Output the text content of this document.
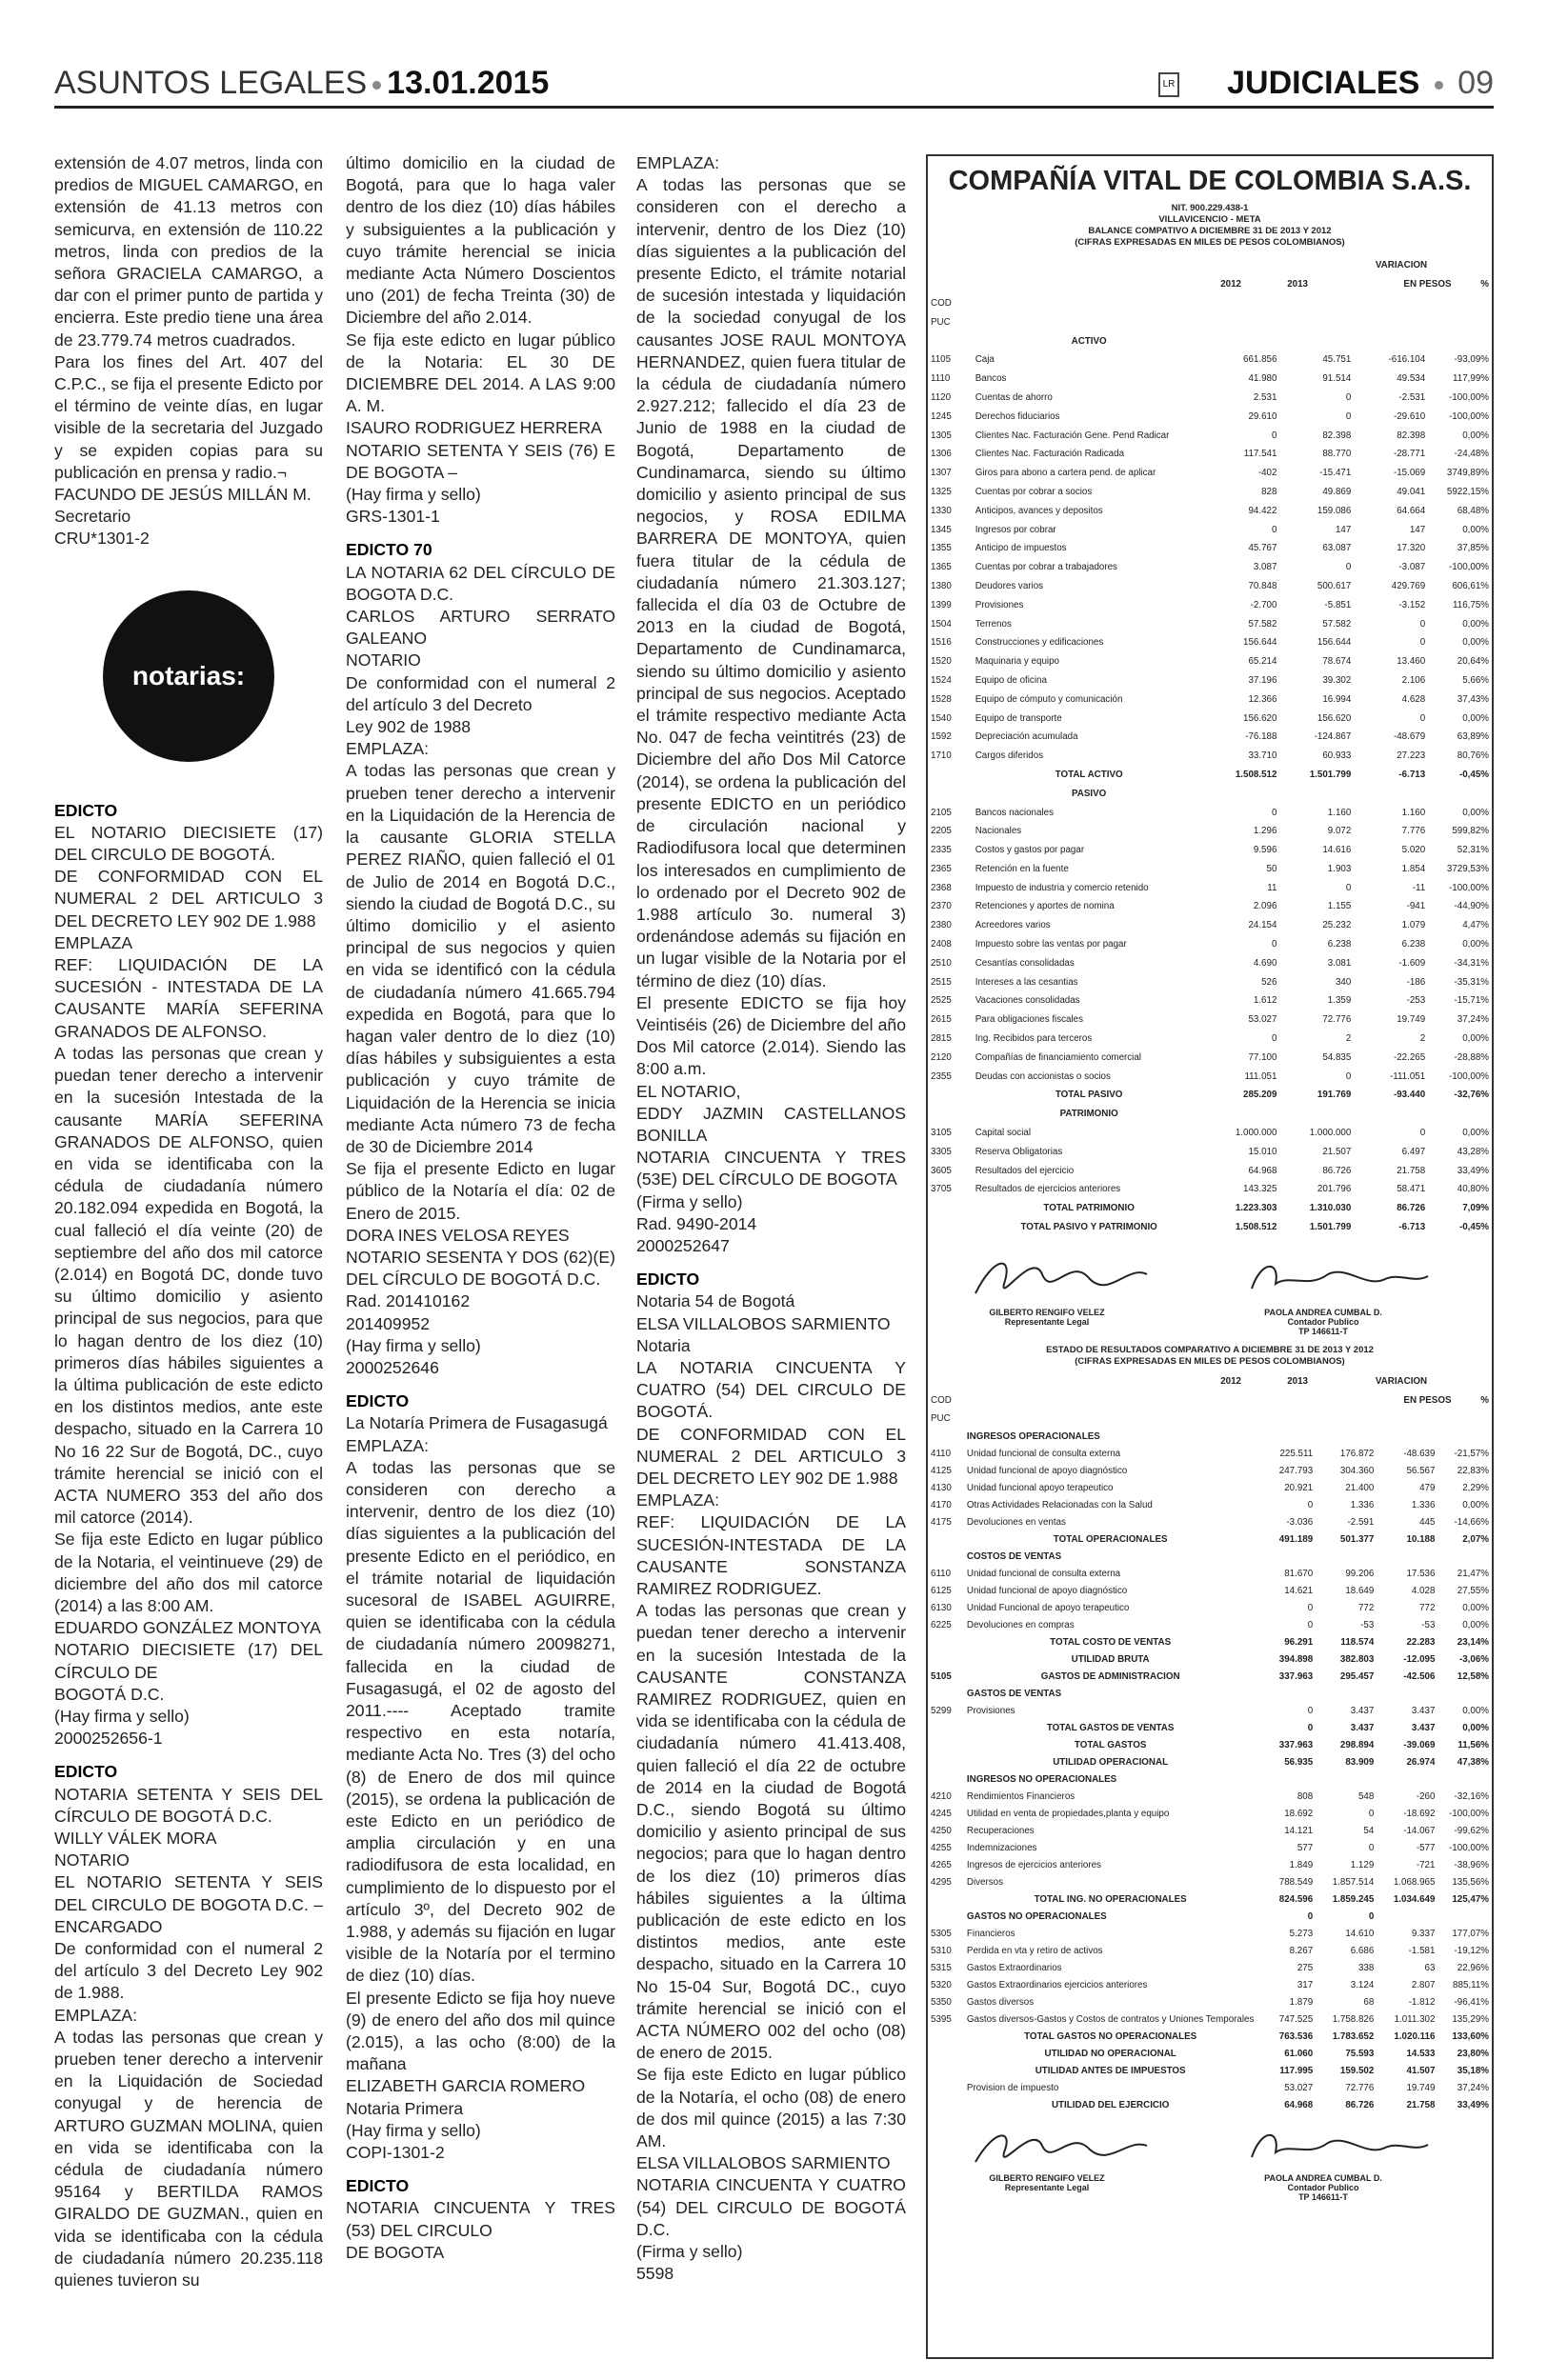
ASUNTOS LEGALES 13.01.2015	LR JUDICIALES 09

extensión de 4.07 metros, linda con predios de MIGUEL CAMARGO, en extensión de 41.13 metros con semicurva, en extensión de 110.22 metros, linda con predios de la señora GRACIELA CAMARGO, a dar con el primer punto de partida y encierra. Este predio tiene una área de 23.779.74 metros cuadrados.

Para los fines del Art. 407 del C.P.C., se fija el presente Edicto por el término de veinte días, en lugar visible de la secretaria del Juzgado y se expiden copias para su publicación en prensa y radio.¬

FACUNDO DE JESÚS MILLÁN M.

Secretario

CRU*1301-2

notarias:

EDICTO

EL NOTARIO DIECISIETE (17) DEL CIRCULO DE BOGOTÁ.

DE CONFORMIDAD CON EL NUMERAL 2 DEL ARTICULO 3 DEL DECRETO LEY 902 DE 1.988

EMPLAZA

REF: LIQUIDACIÓN DE LA SUCESIÓN - INTESTADA DE LA CAUSANTE MARÍA SEFERINA GRANADOS DE ALFONSO.

A todas las personas que crean y puedan tener derecho a intervenir en la sucesión Intestada de la causante MARÍA SEFERINA GRANADOS DE ALFONSO, quien en vida se identificaba con la cédula de ciudadanía número 20.182.094 expedida en Bogotá, la cual falleció el día veinte (20) de septiembre del año dos mil catorce (2.014) en Bogotá DC, donde tuvo su último domicilio y asiento principal de sus negocios, para que lo hagan dentro de los diez (10) primeros días hábiles siguientes a la última publicación de este edicto en los distintos medios, ante este despacho, situado en la Carrera 10 No 16 22 Sur de Bogotá, DC., cuyo trámite herencial se inició con el ACTA NUMERO 353 del año dos mil catorce (2014).

Se fija este Edicto en lugar público de la Notaria, el veintinueve (29) de diciembre del año dos mil catorce (2014) a las 8:00 AM.

EDUARDO GONZÁLEZ MONTOYA

NOTARIO DIECISIETE (17) DEL CÍRCULO DE

BOGOTÁ D.C.

(Hay firma y sello)

2000252656-1

EDICTO

NOTARIA SETENTA Y SEIS DEL CÍRCULO DE BOGOTÁ D.C.

WILLY VÁLEK MORA

NOTARIO

EL NOTARIO SETENTA Y SEIS DEL CIRCULO DE BOGOTA D.C. – ENCARGADO

De conformidad con el numeral 2 del artículo 3 del Decreto Ley 902 de 1.988.

EMPLAZA:

A todas las personas que crean y prueben tener derecho a intervenir en la Liquidación de Sociedad conyugal y de herencia de ARTURO GUZMAN MOLINA, quien en vida se identificaba con la cédula de ciudadanía número 95164 y BERTILDA RAMOS GIRALDO DE GUZMAN., quien en vida se identificaba con la cédula de ciudadanía número 20.235.118 quienes tuvieron su

último domicilio en la ciudad de Bogotá, para que lo haga valer dentro de los diez (10) días hábiles y subsiguientes a la publicación y cuyo trámite herencial se inicia mediante Acta Número Doscientos uno (201) de fecha Treinta (30) de Diciembre del año 2.014.

Se fija este edicto en lugar público de la Notaria: EL 30 DE DICIEMBRE DEL 2014. A LAS 9:00 A. M.

ISAURO RODRIGUEZ HERRERA

NOTARIO SETENTA Y SEIS (76) E DE BOGOTA –

(Hay firma y sello)

GRS-1301-1

EDICTO 70

LA NOTARIA 62 DEL CÍRCULO DE BOGOTA D.C.

CARLOS ARTURO SERRATO GALEANO

NOTARIO

De conformidad con el numeral 2 del artículo 3 del Decreto

Ley 902 de 1988

EMPLAZA:

A todas las personas que crean y prueben tener derecho a intervenir en la Liquidación de la Herencia de la causante GLORIA STELLA PEREZ RIAÑO, quien falleció el 01 de Julio de 2014 en Bogotá D.C., siendo la ciudad de Bogotá D.C., su último domicilio y el asiento principal de sus negocios y quien en vida se identificó con la cédula de ciudadanía número 41.665.794 expedida en Bogotá, para que lo hagan valer dentro de lo diez (10) días hábiles y subsiguientes a esta publicación y cuyo trámite de Liquidación de la Herencia se inicia mediante Acta número 73 de fecha de 30 de Diciembre 2014

Se fija el presente Edicto en lugar público de la Notaría el día: 02 de Enero de 2015.

DORA INES VELOSA REYES

NOTARIO SESENTA Y DOS (62)(E) DEL CÍRCULO DE BOGOTÁ D.C.

Rad. 201410162

201409952

(Hay firma y sello)

2000252646

EDICTO

La Notaría Primera de Fusagasugá

EMPLAZA:

A todas las personas que se consideren con derecho a intervenir, dentro de los diez (10) días siguientes a la publicación del presente Edicto en el periódico, en el trámite notarial de liquidación sucesoral de ISABEL AGUIRRE, quien se identificaba con la cédula de ciudadanía número 20098271, fallecida en la ciudad de Fusagasugá, el 02 de agosto del 2011.---- Aceptado tramite respectivo en esta notaría, mediante Acta No. Tres (3) del ocho (8) de Enero de dos mil quince (2015), se ordena la publicación de este Edicto en un periódico de amplia circulación y en una radiodifusora de esta localidad, en cumplimiento de lo dispuesto por el artículo 3º, del Decreto 902 de 1.988, y además su fijación en lugar visible de la Notaría por el termino de diez (10) días.

El presente Edicto se fija hoy nueve (9) de enero del año dos mil quince (2.015), a las ocho (8:00) de la mañana

ELIZABETH GARCIA ROMERO

Notaria Primera

(Hay firma y sello)

COPI-1301-2

EDICTO

NOTARIA CINCUENTA Y TRES (53) DEL CIRCULO

DE BOGOTA

EMPLAZA:

A todas las personas que se consideren con el derecho a intervenir, dentro de los Diez (10) días siguientes a la publicación del presente Edicto, el trámite notarial de sucesión intestada y liquidación de la sociedad conyugal de los causantes JOSE RAUL MONTOYA HERNANDEZ, quien fuera titular de la cédula de ciudadanía número 2.927.212; fallecido el día 23 de Junio de 1988 en la ciudad de Bogotá, Departamento de Cundinamarca, siendo su último domicilio y asiento principal de sus negocios, y ROSA EDILMA BARRERA DE MONTOYA, quien fuera titular de la cédula de ciudadanía número 21.303.127; fallecida el día 03 de Octubre de 2013 en la ciudad de Bogotá, Departamento de Cundinamarca, siendo su último domicilio y asiento principal de sus negocios. Aceptado el trámite respectivo mediante Acta No. 047 de fecha veintitrés (23) de Diciembre del año Dos Mil Catorce (2014), se ordena la publicación del presente EDICTO en un periódico de circulación nacional y Radiodifusora local que determinen los interesados en cumplimiento de lo ordenado por el Decreto 902 de 1.988 artículo 3o. numeral 3) ordenándose además su fijación en un lugar visible de la Notaria por el término de diez (10) días.

El presente EDICTO se fija hoy Veintiséis (26) de Diciembre del año Dos Mil catorce (2.014). Siendo las 8:00 a.m.

EL NOTARIO,

EDDY JAZMIN CASTELLANOS BONILLA

NOTARIA CINCUENTA Y TRES (53E) DEL CÍRCULO DE BOGOTA

(Firma y sello)

Rad. 9490-2014

2000252647

EDICTO

Notaria 54 de Bogotá

ELSA VILLALOBOS SARMIENTO

Notaria

LA NOTARIA CINCUENTA Y CUATRO (54) DEL CIRCULO DE BOGOTÁ.

DE CONFORMIDAD CON EL NUMERAL 2 DEL ARTICULO 3 DEL DECRETO LEY 902 DE 1.988

EMPLAZA:

REF: LIQUIDACIÓN DE LA SUCESIÓN-INTESTADA DE LA CAUSANTE SONSTANZA RAMIREZ RODRIGUEZ.

A todas las personas que crean y puedan tener derecho a intervenir en la sucesión Intestada de la CAUSANTE CONSTANZA RAMIREZ RODRIGUEZ, quien en vida se identificaba con la cédula de ciudadanía número 41.413.408, quien falleció el día 22 de octubre de 2014 en la ciudad de Bogotá D.C., siendo Bogotá su último domicilio y asiento principal de sus negocios; para que lo hagan dentro de los diez (10) primeros días hábiles siguientes a la última publicación de este edicto en los distintos medios, ante este despacho, situado en la Carrera 10 No 15-04 Sur, Bogotá DC., cuyo trámite herencial se inició con el ACTA NÚMERO 002 del ocho (08) de enero de 2015.

Se fija este Edicto en lugar público de la Notaría, el ocho (08) de enero de dos mil quince (2015) a las 7:30 AM.

ELSA VILLALOBOS SARMIENTO

NOTARIA CINCUENTA Y CUATRO (54) DEL CIRCULO DE BOGOTÁ D.C.

(Firma y sello)

5598

COMPAÑÍA VITAL DE COLOMBIA S.A.S.
NIT. 900.229.438-1
VILLAVICENCIO - META
BALANCE COMPATIVO A DICIEMBRE 31 DE 2013 Y 2012
(CIFRAS EXPRESADAS EN MILES DE PESOS COLOMBIANOS)
				VARIACION	
		2012	2013	EN PESOS	%
COD					
PUC					
	ACTIVO				
1105	Caja	661.856	45.751	-616.104	-93,09%
1110	Bancos	41.980	91.514	49.534	117,99%
1120	Cuentas de ahorro	2.531	0	-2.531	-100,00%
1245	Derechos fiduciarios	29.610	0	-29.610	-100,00%
1305	Clientes Nac. Facturación Gene. Pend Radicar	0	82.398	82.398	0,00%
1306	Clientes Nac. Facturación Radicada	117.541	88.770	-28.771	-24,48%
1307	Giros para abono a cartera pend. de aplicar	-402	-15.471	-15.069	3749,89%
1325	Cuentas por cobrar a socios	828	49.869	49.041	5922,15%
1330	Anticipos, avances y depositos	94.422	159.086	64.664	68,48%
1345	Ingresos por cobrar	0	147	147	0,00%
1355	Anticipo de impuestos	45.767	63.087	17.320	37,85%
1365	Cuentas por cobrar a trabajadores	3.087	0	-3.087	-100,00%
1380	Deudores varios	70.848	500.617	429.769	606,61%
1399	Provisiones	-2.700	-5.851	-3.152	116,75%
1504	Terrenos	57.582	57.582	0	0,00%
1516	Construcciones y edificaciones	156.644	156.644	0	0,00%
1520	Maquinaria y equipo	65.214	78.674	13.460	20,64%
1524	Equipo de oficina	37.196	39.302	2.106	5,66%
1528	Equipo de cómputo y comunicación	12.366	16.994	4.628	37,43%
1540	Equipo de transporte	156.620	156.620	0	0,00%
1592	Depreciación acumulada	-76.188	-124.867	-48.679	63,89%
1710	Cargos diferidos	33.710	60.933	27.223	80,76%
	TOTAL ACTIVO	1.508.512	1.501.799	-6.713	-0,45%
	PASIVO				
2105	Bancos nacionales	0	1.160	1.160	0,00%
2205	Nacionales	1.296	9.072	7.776	599,82%
2335	Costos y gastos por pagar	9.596	14.616	5.020	52,31%
2365	Retención en la fuente	50	1.903	1.854	3729,53%
2368	Impuesto de industria y comercio retenido	11	0	-11	-100,00%
2370	Retenciones y aportes de nomina	2.096	1.155	-941	-44,90%
2380	Acreedores varios	24.154	25.232	1.079	4,47%
2408	Impuesto sobre las ventas por pagar	0	6.238	6.238	0,00%
2510	Cesantías consolidadas	4.690	3.081	-1.609	-34,31%
2515	Intereses a las cesantias	526	340	-186	-35,31%
2525	Vacaciones consolidadas	1.612	1.359	-253	-15,71%
2615	Para obligaciones fiscales	53.027	72.776	19.749	37,24%
2815	Ing. Recibidos para terceros	0	2	2	0,00%
2120	Compañías de financiamiento comercial	77.100	54.835	-22.265	-28,88%
2355	Deudas con accionistas o socios	111.051	0	-111.051	-100,00%
	TOTAL PASIVO	285.209	191.769	-93.440	-32,76%
	PATRIMONIO				
3105	Capital social	1.000.000	1.000.000	0	0,00%
3305	Reserva Obligatorias	15.010	21.507	6.497	43,28%
3605	Resultados del ejercicio	64.968	86.726	21.758	33,49%
3705	Resultados de ejercicios anteriores	143.325	201.796	58.471	40,80%
	TOTAL PATRIMONIO	1.223.303	1.310.030	86.726	7,09%
	TOTAL PASIVO Y PATRIMONIO	1.508.512	1.501.799	-6.713	-0,45%
GILBERTO RENGIFO VELEZ
Representante Legal
PAOLA ANDREA CUMBAL D.
Contador Publico
TP 146611-T
ESTADO DE RESULTADOS COMPARATIVO A DICIEMBRE 31 DE 2013 Y 2012
(CIFRAS EXPRESADAS EN MILES DE PESOS COLOMBIANOS)
		2012	2013	VARIACION	
COD				EN PESOS	%
PUC					
	INGRESOS OPERACIONALES				
4110	Unidad funcional de consulta externa	225.511	176.872	-48.639	-21,57%
4125	Unidad funcional de apoyo diagnóstico	247.793	304.360	56.567	22,83%
4130	Unidad funcional apoyo terapeutico	20.921	21.400	479	2,29%
4170	Otras Actividades Relacionadas con la Salud	0	1.336	1.336	0,00%
4175	Devoluciones en ventas	-3.036	-2.591	445	-14,66%
	TOTAL OPERACIONALES	491.189	501.377	10.188	2,07%
	COSTOS DE VENTAS				
6110	Unidad funcional de consulta externa	81.670	99.206	17.536	21,47%
6125	Unidad funcional de apoyo diagnóstico	14.621	18.649	4.028	27,55%
6130	Unidad Funcional de apoyo terapeutico	0	772	772	0,00%
6225	Devoluciones en compras	0	-53	-53	0,00%
	TOTAL COSTO DE VENTAS	96.291	118.574	22.283	23,14%
	UTILIDAD BRUTA	394.898	382.803	-12.095	-3,06%
5105	GASTOS DE ADMINISTRACION	337.963	295.457	-42.506	12,58%
	GASTOS DE VENTAS				
5299	Provisiones	0	3.437	3.437	0,00%
	TOTAL GASTOS DE VENTAS	0	3.437	3.437	0,00%
	TOTAL GASTOS	337.963	298.894	-39.069	11,56%
	UTILIDAD OPERACIONAL	56.935	83.909	26.974	47,38%
	INGRESOS NO OPERACIONALES				
4210	Rendimientos Financieros	808	548	-260	-32,16%
4245	Utilidad en venta de propiedades,planta y equipo	18.692	0	-18.692	-100,00%
4250	Recuperaciones	14.121	54	-14.067	-99,62%
4255	Indemnizaciones	577	0	-577	-100,00%
4265	Ingresos de ejercicios anteriores	1.849	1.129	-721	-38,96%
4295	Diversos	788.549	1.857.514	1.068.965	135,56%
	TOTAL ING. NO OPERACIONALES	824.596	1.859.245	1.034.649	125,47%
	GASTOS NO OPERACIONALES	0	0		
5305	Financieros	5.273	14.610	9.337	177,07%
5310	Perdida en vta y retiro de activos	8.267	6.686	-1.581	-19,12%
5315	Gastos Extraordinarios	275	338	63	22,96%
5320	Gastos Extraordinarios ejercicios anteriores	317	3.124	2.807	885,11%
5350	Gastos diversos	1.879	68	-1.812	-96,41%
5395	Gastos diversos-Gastos y Costos de contratos y Uniones Temporales	747.525	1.758.826	1.011.302	135,29%
	TOTAL GASTOS NO OPERACIONALES	763.536	1.783.652	1.020.116	133,60%
	UTILIDAD NO OPERACIONAL	61.060	75.593	14.533	23,80%
	UTILIDAD ANTES DE IMPUESTOS	117.995	159.502	41.507	35,18%
	Provision de impuesto	53.027	72.776	19.749	37,24%
	UTILIDAD DEL EJERCICIO	64.968	86.726	21.758	33,49%
GILBERTO RENGIFO VELEZ
Representante Legal
PAOLA ANDREA CUMBAL D.
Contador Publico
TP 146611-T
